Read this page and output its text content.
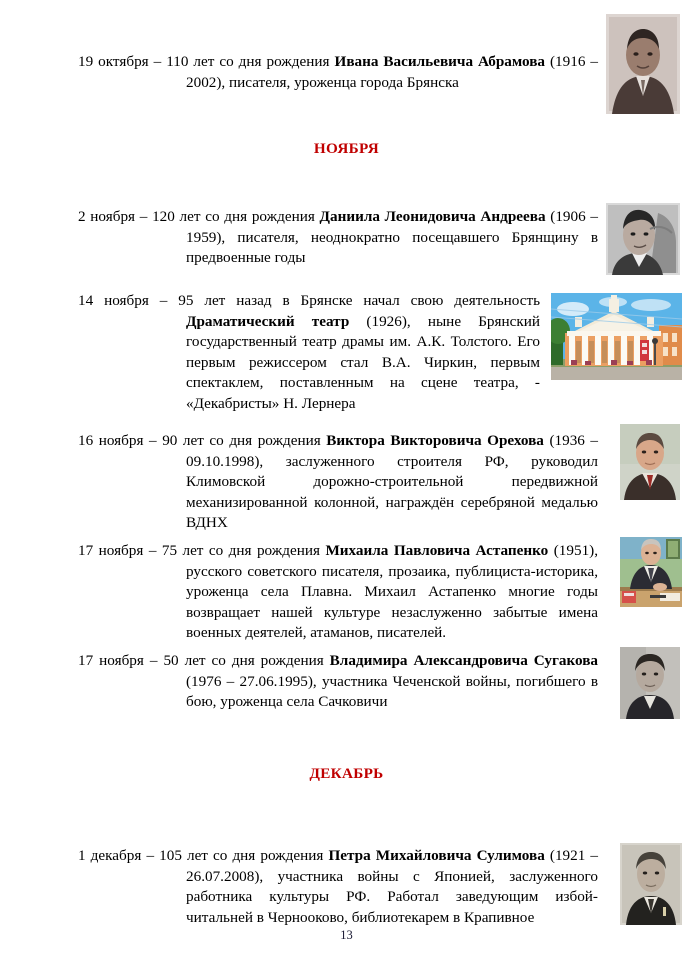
19 октября – 110 лет со дня рождения Ивана Васильевича Абрамова (1916 – 2002), писателя, уроженца города Брянска

НОЯБРЯ

2 ноября – 120 лет со дня рождения Даниила Леонидовича Андреева (1906 – 1959), писателя, неоднократно посещавшего Брянщину в предвоенные годы

14 ноября – 95 лет назад в Брянске начал свою деятельность Драматический театр (1926), ныне Брянский государственный театр драмы им. А.К. Толстого. Его первым режиссером стал В.А. Чиркин, первым спектаклем, поставленным на сцене театра, - «Декабристы» Н. Лернера

16 ноября – 90 лет со дня рождения Виктора Викторовича Орехова (1936 – 09.10.1998), заслуженного строителя РФ, руководил Климовской дорожно-строительной передвижной механизированной колонной, награждён серебряной медалью ВДНХ

17 ноября – 75 лет со дня рождения Михаила Павловича Астапенко (1951), русского советского писателя, прозаика, публициста-историка, уроженца села Плавна. Михаил Астапенко многие годы возвращает нашей культуре незаслуженно забытые имена военных деятелей, атаманов, писателей.

17 ноября – 50 лет со дня рождения Владимира Александровича Сугакова (1976 – 27.06.1995), участника Чеченской войны, погибшего в бою, уроженца села Сачковичи

ДЕКАБРЬ

1 декабря – 105 лет со дня рождения Петра Михайловича Сулимова (1921 – 26.07.2008), участника войны с Японией, заслуженного работника культуры РФ. Работал заведующим избой-читальней в Чернооково, библиотекарем в Крапивное

13
